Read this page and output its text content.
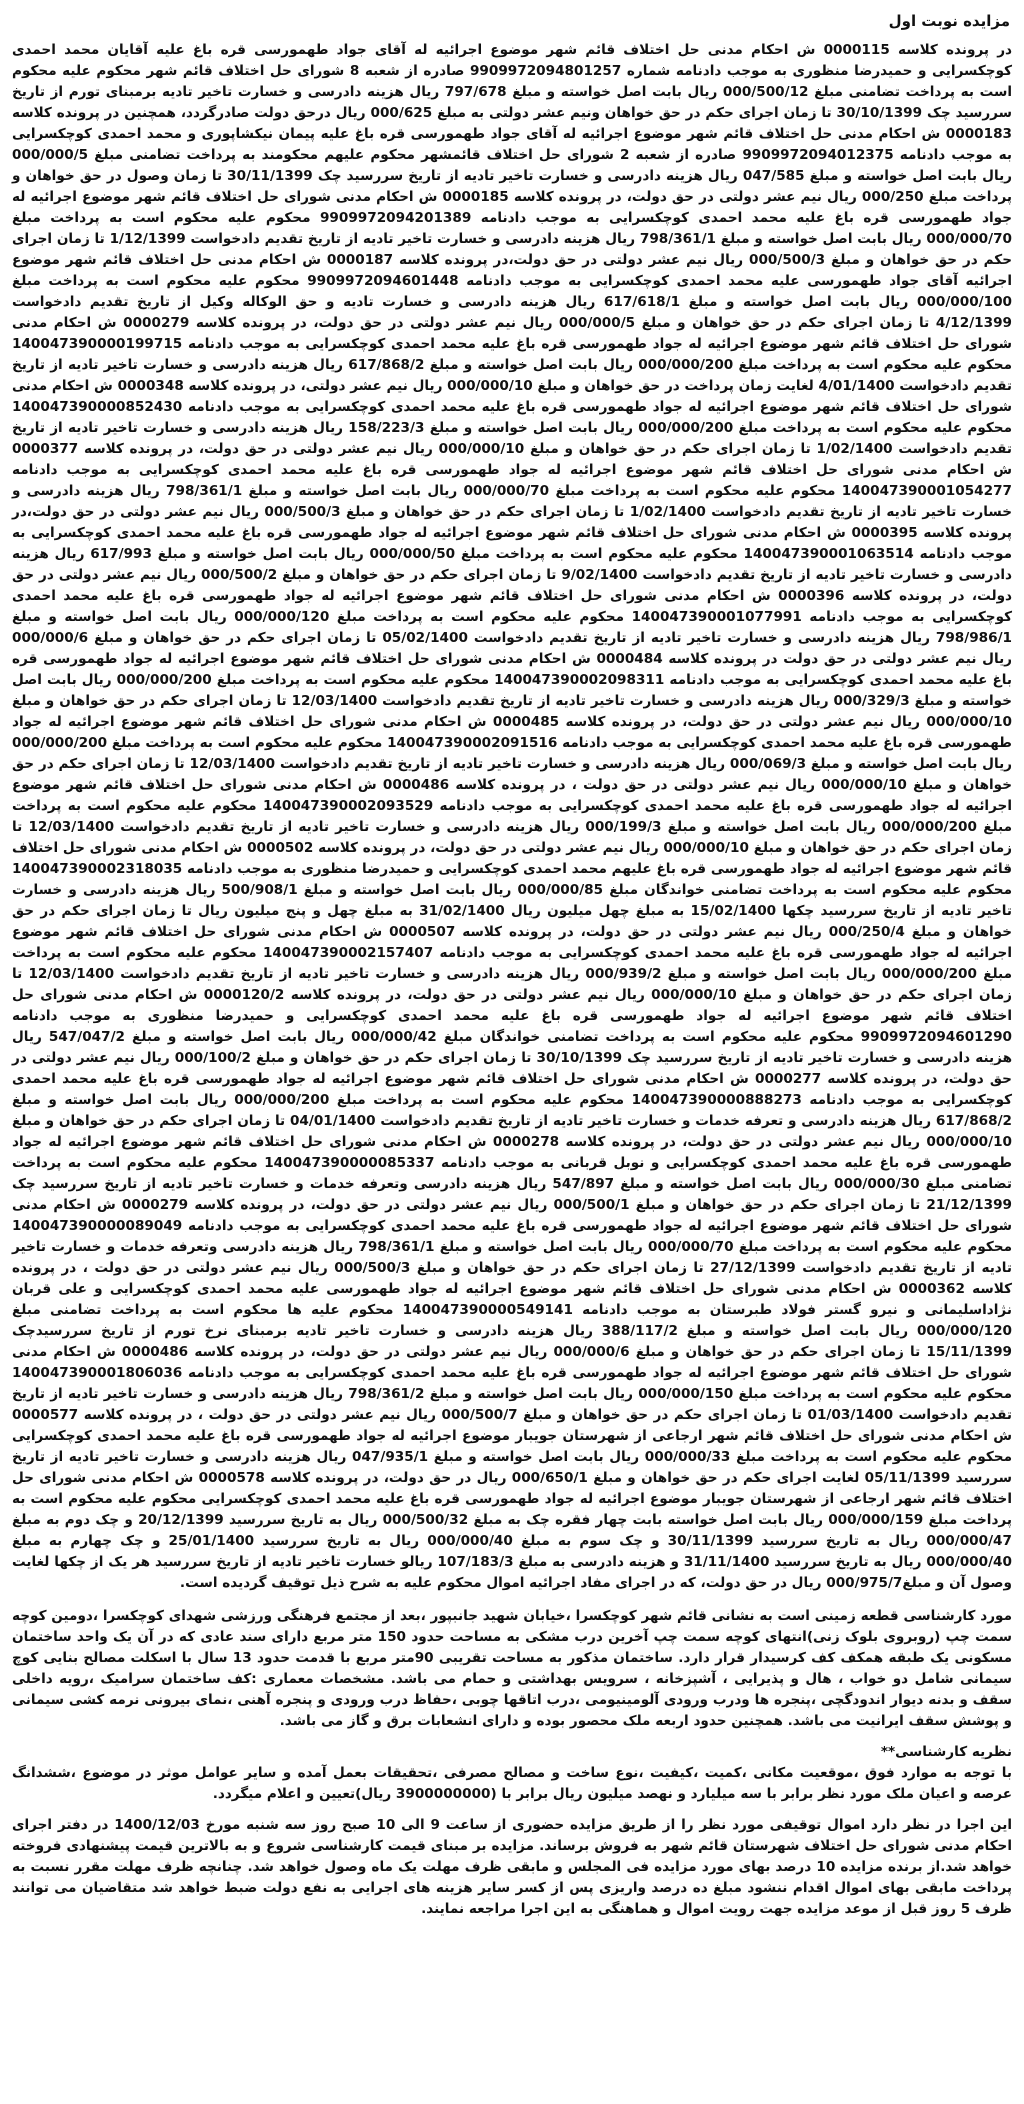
مزایده نوبت اول

در پرونده کلاسه 0000115 ش احکام مدنی حل اختلاف قائم شهر موضوع اجرائیه له آقای جواد طهمورسی قره باغ علیه آقایان محمد احمدی کوچکسرایی و حمیدرضا منظوری به موجب دادنامه شماره 9909972094801257 صادره از شعبه 8 شورای حل اختلاف قائم شهر محکوم علیه محکوم است به پرداخت تضامنی مبلغ 000/500/12 ریال بابت اصل خواسته و مبلغ 797/678 ریال هزینه دادرسی و خسارت تاخیر تادیه برمبنای تورم از تاریخ سررسید چک 30/10/1399 تا زمان اجرای حکم در حق خواهان ونیم عشر دولتی به مبلغ 000/625 ریال درحق دولت صادرگردد، همچنین در پرونده کلاسه 0000183 ش احکام مدنی حل اختلاف قائم شهر موضوع اجرائیه له آقای جواد طهمورسی قره باغ علیه پیمان نیکشاپوری و محمد احمدی کوچکسرایی به موجب دادنامه 9909972094012375 صادره از شعبه 2 شورای حل اختلاف قائمشهر محکوم علیهم محکومند به پرداخت تضامنی مبلغ 000/000/5 ریال بابت اصل خواسته و مبلغ 047/585 ریال هزینه دادرسی و خسارت تاخیر تادیه از تاریخ سررسید چک 30/11/1399 تا زمان وصول در حق خواهان و پرداخت مبلغ 000/250 ریال نیم عشر دولتی در حق دولت، در پرونده کلاسه 0000185 ش احکام مدنی شورای حل اختلاف قائم شهر موضوع اجرائیه له جواد طهمورسی قره باغ علیه محمد احمدی کوچکسرایی به موجب دادنامه 9909972094201389 محکوم علیه محکوم است به پرداخت مبلغ 000/000/70 ریال بابت اصل خواسته و مبلغ 798/361/1 ریال هزینه دادرسی و خسارت تاخیر تادیه از تاریخ تقدیم دادخواست 1/12/1399 تا زمان اجرای حکم در حق خواهان و مبلغ 000/500/3 ریال نیم عشر دولتی در حق دولت،در پرونده کلاسه 0000187 ش احکام مدنی حل اختلاف قائم شهر موضوع اجرائیه آقای جواد طهمورسی علیه محمد احمدی کوچکسرایی به موجب دادنامه 9909972094601448 محکوم علیه محکوم است به پرداخت مبلغ 000/000/100 ریال بابت اصل خواسته و مبلغ 617/618/1 ریال هزینه دادرسی و خسارت تادیه و حق الوکاله وکیل از تاریخ تقدیم دادخواست 4/12/1399 تا زمان اجرای حکم در حق خواهان و مبلغ 000/000/5 ریال نیم عشر دولتی در حق دولت، در پرونده کلاسه 0000279 ش احکام مدنی شورای حل اختلاف قائم شهر موضوع اجرائیه له جواد طهمورسی قره باغ علیه محمد احمدی کوچکسرایی به موجب دادنامه 140047390000199715 محکوم علیه محکوم است به پرداخت مبلغ 000/000/200 ریال بابت اصل خواسته و مبلغ 617/868/2 ریال هزینه دادرسی و خسارت تاخیر تادیه از تاریخ تقدیم دادخواست 4/01/1400 لغایت زمان پرداخت در حق خواهان و مبلغ 000/000/10 ریال نیم عشر دولتی، در پرونده کلاسه 0000348 ش احکام مدنی شورای حل اختلاف قائم شهر موضوع اجرائیه له جواد طهمورسی قره باغ علیه محمد احمدی کوچکسرایی به موجب دادنامه 140047390000852430 محکوم علیه محکوم است به پرداخت مبلغ 000/000/200 ریال بابت اصل خواسته و مبلغ 158/223/3 ریال هزینه دادرسی و خسارت تاخیر تادیه از تاریخ تقدیم دادخواست 1/02/1400 تا زمان اجرای حکم در حق خواهان و مبلغ 000/000/10 ریال نیم عشر دولتی در حق دولت، در پرونده کلاسه 0000377 ش احکام مدنی شورای حل اختلاف قائم شهر موضوع اجرائیه له جواد طهمورسی قره باغ علیه محمد احمدی کوچکسرایی به موجب دادنامه 140047390001054277 محکوم علیه محکوم است به پرداخت مبلغ 000/000/70 ریال بابت اصل خواسته و مبلغ 798/361/1 ریال هزینه دادرسی و خسارت تاخیر تادیه از تاریخ تقدیم دادخواست 1/02/1400 تا زمان اجرای حکم در حق خواهان و مبلغ 000/500/3 ریال نیم عشر دولتی در حق دولت،در پرونده کلاسه 0000395 ش احکام مدنی شورای حل اختلاف قائم شهر موضوع اجرائیه له جواد طهمورسی قره باغ علیه محمد احمدی کوچکسرایی به موجب دادنامه 140047390001063514 محکوم علیه محکوم است به پرداخت مبلغ 000/000/50 ریال بابت اصل خواسته و مبلغ 617/993 ریال هزینه دادرسی و خسارت تاخیر تادیه از تاریخ تقدیم دادخواست 9/02/1400 تا زمان اجرای حکم در حق خواهان و مبلغ 000/500/2 ریال نیم عشر دولتی در حق دولت، در پرونده کلاسه 0000396 ش احکام مدنی شورای حل اختلاف قائم شهر موضوع اجرائیه له جواد طهمورسی قره باغ علیه محمد احمدی کوچکسرایی به موجب دادنامه 140047390001077991 محکوم علیه محکوم است به پرداخت مبلغ 000/000/120 ریال بابت اصل خواسته و مبلغ 798/986/1 ریال هزینه دادرسی و خسارت تاخیر تادیه از تاریخ تقدیم دادخواست 05/02/1400 تا زمان اجرای حکم در حق خواهان و مبلغ 000/000/6 ریال نیم عشر دولتی در حق دولت در پرونده کلاسه 0000484 ش احکام مدنی شورای حل اختلاف قائم شهر موضوع اجرائیه له جواد طهمورسی قره باغ علیه محمد احمدی کوچکسرایی به موجب دادنامه 140047390002098311 محکوم علیه محکوم است به پرداخت مبلغ 000/000/200 ریال بابت اصل خواسته و مبلغ 000/329/3 ریال هزینه دادرسی و خسارت تاخیر تادیه از تاریخ تقدیم دادخواست 12/03/1400 تا زمان اجرای حکم در حق خواهان و مبلغ 000/000/10 ریال نیم عشر دولتی در حق دولت، در پرونده کلاسه 0000485 ش احکام مدنی شورای حل اختلاف قائم شهر موضوع اجرائیه له جواد طهمورسی قره باغ علیه محمد احمدی کوچکسرایی به موجب دادنامه 140047390002091516 محکوم علیه محکوم است به پرداخت مبلغ 000/000/200 ریال بابت اصل خواسته و مبلغ 000/069/3 ریال هزینه دادرسی و خسارت تاخیر تادیه از تاریخ تقدیم دادخواست 12/03/1400 تا زمان اجرای حکم در حق خواهان و مبلغ 000/000/10 ریال نیم عشر دولتی در حق دولت ، در پرونده کلاسه 0000486 ش احکام مدنی شورای حل اختلاف قائم شهر موضوع اجرائیه له جواد طهمورسی قره باغ علیه محمد احمدی کوچکسرایی به موجب دادنامه 140047390002093529 محکوم علیه محکوم است به پرداخت مبلغ 000/000/200 ریال بابت اصل خواسته و مبلغ 000/199/3 ریال هزینه دادرسی و خسارت تاخیر تادیه از تاریخ تقدیم دادخواست 12/03/1400 تا زمان اجرای حکم در حق خواهان و مبلغ 000/000/10 ریال نیم عشر دولتی در حق دولت، در پرونده کلاسه 0000502 ش احکام مدنی شورای حل اختلاف قائم شهر موضوع اجرائیه له جواد طهمورسی قره باغ علیهم محمد احمدی کوچکسرایی و حمیدرضا منظوری به موجب دادنامه 140047390002318035 محکوم علیه محکوم است به پرداخت تضامنی خواندگان مبلغ 000/000/85 ریال بابت اصل خواسته و مبلغ 500/908/1 ریال هزینه دادرسی و خسارت تاخیر تادیه از تاریخ سررسید چکها 15/02/1400 به مبلغ چهل میلیون ریال 31/02/1400 به مبلغ چهل و پنج میلیون ریال تا زمان اجرای حکم در حق خواهان و مبلغ 000/250/4 ریال نیم عشر دولتی در حق دولت، در پرونده کلاسه 0000507 ش احکام مدنی شورای حل اختلاف قائم شهر موضوع اجرائیه له جواد طهمورسی قره باغ علیه محمد احمدی کوچکسرایی به موجب دادنامه 140047390002157407 محکوم علیه محکوم است به پرداخت مبلغ 000/000/200 ریال بابت اصل خواسته و مبلغ 000/939/2 ریال هزینه دادرسی و خسارت تاخیر تادیه از تاریخ تقدیم دادخواست 12/03/1400 تا زمان اجرای حکم در حق خواهان و مبلغ 000/000/10 ریال نیم عشر دولتی در حق دولت، در پرونده کلاسه 0000120/2 ش احکام مدنی شورای حل اختلاف قائم شهر موضوع اجرائیه له جواد طهمورسی قره باغ علیه محمد احمدی کوچکسرایی و حمیدرضا منظوری به موجب دادنامه 9909972094601290 محکوم علیه محکوم است به پرداخت تضامنی خواندگان مبلغ 000/000/42 ریال بابت اصل خواسته و مبلغ 547/047/2 ریال هزینه دادرسی و خسارت تاخیر تادیه از تاریخ سررسید چک 30/10/1399 تا زمان اجرای حکم در حق خواهان و مبلغ 000/100/2 ریال نیم عشر دولتی در حق دولت، در پرونده کلاسه 0000277 ش احکام مدنی شورای حل اختلاف قائم شهر موضوع اجرائیه له جواد طهمورسی قره باغ علیه محمد احمدی کوچکسرایی به موجب دادنامه 140047390000888273 محکوم علیه محکوم است به پرداخت مبلغ 000/000/200 ریال بابت اصل خواسته و مبلغ 617/868/2 ریال هزینه دادرسی و تعرفه خدمات و خسارت تاخیر تادیه از تاریخ تقدیم دادخواست 04/01/1400 تا زمان اجرای حکم در حق خواهان و مبلغ 000/000/10 ریال نیم عشر دولتی در حق دولت، در پرونده کلاسه 0000278 ش احکام مدنی شورای حل اختلاف قائم شهر موضوع اجرائیه له جواد طهمورسی قره باغ علیه محمد احمدی کوچکسرایی و نوبل قربانی به موجب دادنامه 140047390000085337 محکوم علیه محکوم است به پرداخت تضامنی مبلغ 000/000/30 ریال بابت اصل خواسته و مبلغ 547/897 ریال هزینه دادرسی وتعرفه خدمات و خسارت تاخیر تادیه از تاریخ سررسید چک 21/12/1399 تا زمان اجرای حکم در حق خواهان و مبلغ 000/500/1 ریال نیم عشر دولتی در حق دولت، در پرونده کلاسه 0000279 ش احکام مدنی شورای حل اختلاف قائم شهر موضوع اجرائیه له جواد طهمورسی قره باغ علیه محمد احمدی کوچکسرایی به موجب دادنامه 140047390000089049 محکوم علیه محکوم است به پرداخت مبلغ 000/000/70 ریال بابت اصل خواسته و مبلغ 798/361/1 ریال هزینه دادرسی وتعرفه خدمات و خسارت تاخیر تادیه از تاریخ تقدیم دادخواست 27/12/1399 تا زمان اجرای حکم در حق خواهان و مبلغ 000/500/3 ریال نیم عشر دولتی در حق دولت ، در پرونده کلاسه 0000362 ش احکام مدنی شورای حل اختلاف قائم شهر موضوع اجرائیه له جواد طهمورسی علیه محمد احمدی کوچکسرایی و علی قربان نژاداسلیمانی و نیرو گستر فولاد طبرستان به موجب دادنامه 140047390000549141 محکوم علیه ها محکوم است به پرداخت تضامنی مبلغ 000/000/120 ریال بابت اصل خواسته و مبلغ 388/117/2 ریال هزینه دادرسی و خسارت تاخیر تادیه برمبنای نرخ تورم از تاریخ سررسیدچک 15/11/1399 تا زمان اجرای حکم در حق خواهان و مبلغ 000/000/6 ریال نیم عشر دولتی در حق دولت، در پرونده کلاسه 0000486 ش احکام مدنی شورای حل اختلاف قائم شهر موضوع اجرائیه له جواد طهمورسی قره باغ علیه محمد احمدی کوچکسرایی به موجب دادنامه 140047390001806036 محکوم علیه محکوم است به پرداخت مبلغ 000/000/150 ریال بابت اصل خواسته و مبلغ 798/361/2 ریال هزینه دادرسی و خسارت تاخیر تادیه از تاریخ تقدیم دادخواست 01/03/1400 تا زمان اجرای حکم در حق خواهان و مبلغ 000/500/7 ریال نیم عشر دولتی در حق دولت ، در پرونده کلاسه 0000577 ش احکام مدنی شورای حل اختلاف قائم شهر ارجاعی از شهرستان جویبار موضوع اجرائیه له جواد طهمورسی قره باغ علیه محمد احمدی کوچکسرایی محکوم علیه محکوم است به پرداخت مبلغ 000/000/33 ریال بابت اصل خواسته و مبلغ 047/935/1 ریال هزینه دادرسی و خسارت تاخیر تادیه از تاریخ سررسید 05/11/1399 لغایت اجرای حکم در حق خواهان و مبلغ 000/650/1 ریال در حق دولت، در پرونده کلاسه 0000578 ش احکام مدنی شورای حل اختلاف قائم شهر ارجاعی از شهرستان جویبار موضوع اجرائیه له جواد طهمورسی قره باغ علیه محمد احمدی کوچکسرایی محکوم علیه محکوم است به پرداخت مبلغ 000/000/159 ریال بابت اصل خواسته بابت چهار فقره چک به مبلغ 000/500/32 ریال به تاریخ سررسید 20/12/1399 و چک دوم به مبلغ 000/000/47 ریال به تاریخ سررسید 30/11/1399 و چک سوم به مبلغ 000/000/40 ریال به تاریخ سررسید 25/01/1400 و چک چهارم به مبلغ 000/000/40 ریال به تاریخ سررسید 31/11/1400 و هزینه دادرسی به مبلغ 107/183/3 ریالو خسارت تاخیر تادیه از تاریخ سررسید هر یک از چکها لغایت وصول آن و مبلغ000/975/7 ریال در حق دولت، که در اجرای مفاد اجرائیه اموال محکوم علیه به شرح ذیل توقیف گردیده است.

مورد کارشناسی قطعه زمینی است به نشانی قائم شهر کوچکسرا ،خیابان شهید جانبپور ،بعد از مجتمع فرهنگی ورزشی شهدای کوچکسرا ،دومین کوچه سمت چپ (روبروی بلوک زنی)انتهای کوچه سمت چپ آخرین درب مشکی به مساحت حدود 150 متر مربع دارای سند عادی که در آن یک واحد ساختمان مسکونی یک طبقه همکف کف کرسیدار قرار دارد. ساختمان مذکور به مساحت تقریبی 90متر مربع با قدمت حدود 13 سال با اسکلت مصالح بنایی کوچ سیمانی شامل دو خواب ، هال و پذیرایی ، آشپزخانه ، سرویس بهداشتی و حمام می باشد. مشخصات معماری :کف ساختمان سرامیک ،رویه داخلی سقف و بدنه دیوار اندودگچی ،پنجره ها ودرب ورودی آلومینیومی ،درب اتاقها چوبی ،حفاظ درب ورودی و پنجره آهنی ،نمای بیرونی نرمه کشی سیمانی و پوشش سقف ایرانیت می باشد. همچنین حدود اربعه ملک محصور بوده و دارای انشعابات برق و گاز می باشد.

نظریه کارشناسی**

با توجه به موارد فوق ،موقعیت مکانی ،کمیت ،کیفیت ،نوع ساخت و مصالح مصرفی ،تحقیقات بعمل آمده و سایر عوامل موثر در موضوع ،ششدانگ عرصه و اعیان ملک مورد نظر برابر با سه میلیارد و نهصد میلیون ریال برابر با (3900000000 ریال)تعیین و اعلام میگردد.

این اجرا در نظر دارد اموال توقیفی مورد نظر را از طریق مزایده حضوری از ساعت 9 الی 10 صبح روز سه شنبه مورخ 1400/12/03 در دفتر اجرای احکام مدنی شورای حل اختلاف شهرستان قائم شهر به فروش برساند. مزایده بر مبنای قیمت کارشناسی شروع و به بالاترین قیمت پیشنهادی فروخته خواهد شد.از برنده مزایده 10 درصد بهای مورد مزایده فی المجلس و مابقی ظرف مهلت یک ماه وصول خواهد شد. چنانچه ظرف مهلت مقرر نسبت به پرداخت مابقی بهای اموال اقدام ننشود مبلغ ده درصد واریزی پس از کسر سایر هزینه های اجرایی به نفع دولت ضبط خواهد شد متقاضیان می توانند ظرف 5 روز قبل از موعد مزایده جهت رویت اموال و هماهنگی به این اجرا مراجعه نمایند.
